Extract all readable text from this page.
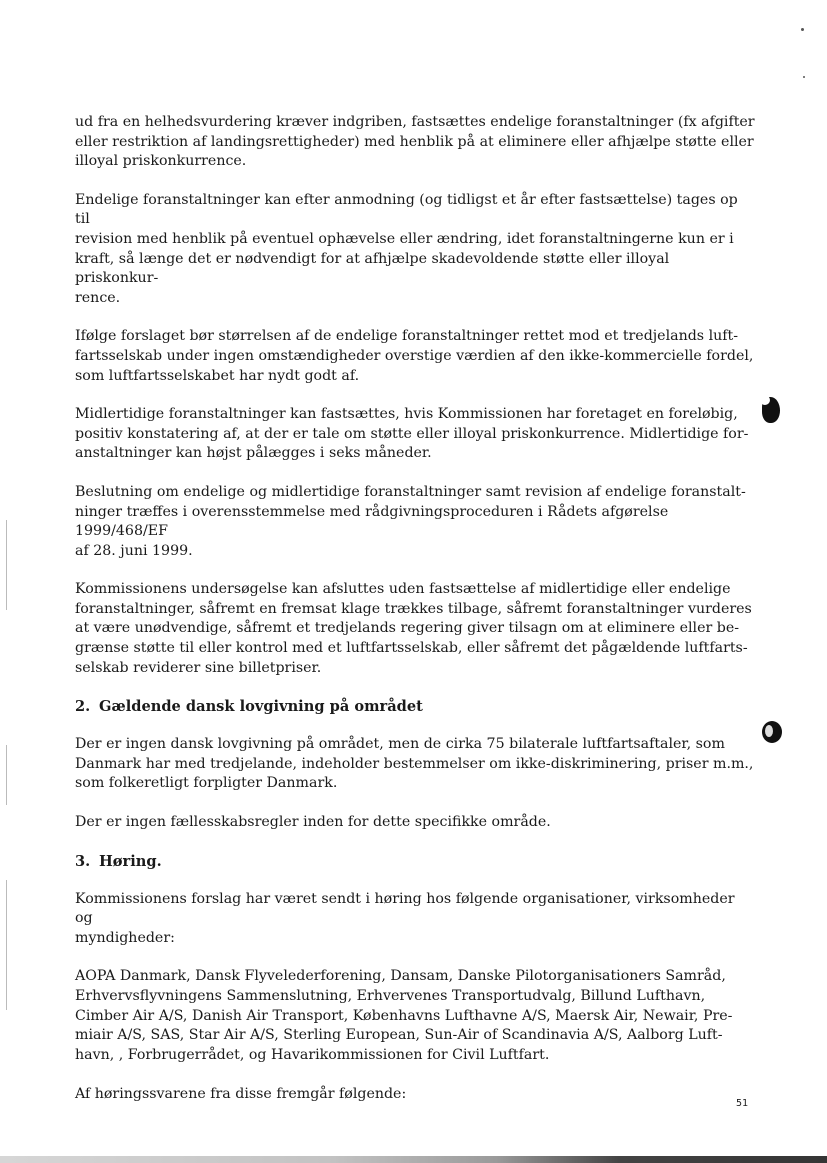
ud fra en helhedsvurdering kræver indgriben, fastsættes endelige foranstaltninger (fx afgifter
eller restriktion af landingsrettigheder) med henblik på at eliminere eller afhjælpe støtte eller
illoyal priskonkurrence.

Endelige foranstaltninger kan efter anmodning (og tidligst et år efter fastsættelse) tages op til
revision med henblik på eventuel ophævelse eller ændring, idet foranstaltningerne kun er i
kraft, så længe det er nødvendigt for at afhjælpe skadevoldende støtte eller illoyal priskonkur-
rence.

Ifølge forslaget bør størrelsen af de endelige foranstaltninger rettet mod et tredjelands luft-
fartsselskab under ingen omstændigheder overstige værdien af den ikke-kommercielle fordel,
som luftfartsselskabet har nydt godt af.

Midlertidige foranstaltninger kan fastsættes, hvis Kommissionen har foretaget en foreløbig,
positiv konstatering af, at der er tale om støtte eller illoyal priskonkurrence. Midlertidige for-
anstaltninger kan højst pålægges i seks måneder.

Beslutning om endelige og midlertidige foranstaltninger samt revision af endelige foranstalt-
ninger træffes i overensstemmelse med rådgivningsproceduren i Rådets afgørelse 1999/468/EF
af 28. juni 1999.

Kommissionens undersøgelse kan afsluttes uden fastsættelse af midlertidige eller endelige
foranstaltninger, såfremt en fremsat klage trækkes tilbage, såfremt foranstaltninger vurderes
at være unødvendige, såfremt et tredjelands regering giver tilsagn om at eliminere eller be-
grænse støtte til eller kontrol med et luftfartsselskab, eller såfremt det pågældende luftfarts-
selskab reviderer sine billetpriser.

2. Gældende dansk lovgivning på området

Der er ingen dansk lovgivning på området, men de cirka 75 bilaterale luftfartsaftaler, som
Danmark har med tredjelande, indeholder bestemmelser om ikke-diskriminering, priser m.m.,
som folkeretligt forpligter Danmark.

Der er ingen fællesskabsregler inden for dette specifikke område.

3. Høring.

Kommissionens forslag har været sendt i høring hos følgende organisationer, virksomheder og
myndigheder:

AOPA Danmark, Dansk Flyvelederforening, Dansam, Danske Pilotorganisationers Samråd,
Erhvervsflyvningens Sammenslutning, Erhvervenes Transportudvalg, Billund Lufthavn,
Cimber Air A/S, Danish Air Transport, Københavns Lufthavne A/S, Maersk Air, Newair, Pre-
miair A/S, SAS, Star Air A/S, Sterling European, Sun-Air of Scandinavia A/S, Aalborg Luft-
havn, , Forbrugerrådet, og Havarikommissionen for Civil Luftfart.

Af høringssvarene fra disse fremgår følgende:

51
